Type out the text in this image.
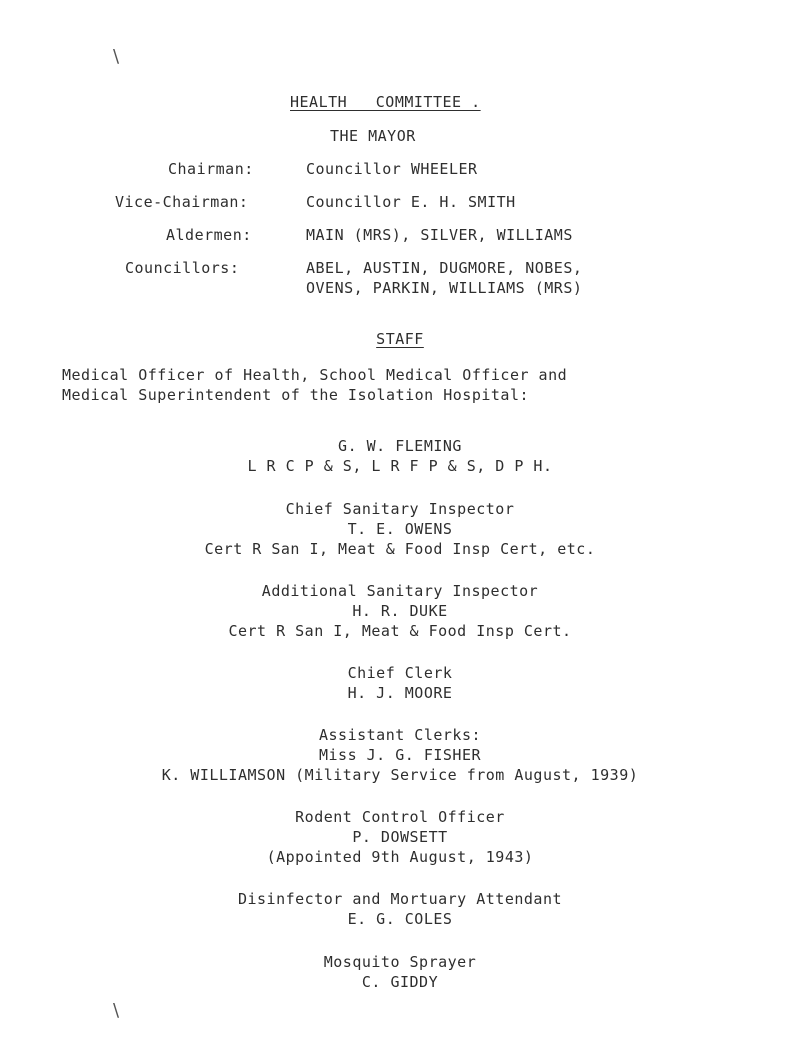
\
\
HEALTH   COMMITTEE .
THE MAYOR
Chairman:	Councillor WHEELER
Vice-Chairman:	Councillor E. H. SMITH
Aldermen:	MAIN (MRS), SILVER, WILLIAMS
Councillors:	ABEL, AUSTIN, DUGMORE, NOBES,
OVENS, PARKIN, WILLIAMS (MRS)
STAFF
Medical Officer of Health, School Medical Officer and
Medical Superintendent of the Isolation Hospital:
G. W. FLEMING
L R C P & S, L R F P & S, D P H.
Chief Sanitary Inspector
T. E. OWENS
Cert R San I, Meat & Food Insp Cert, etc.
Additional Sanitary Inspector
H. R. DUKE
Cert R San I, Meat & Food Insp Cert.
Chief Clerk
H. J. MOORE
Assistant Clerks:
Miss J. G. FISHER
K. WILLIAMSON (Military Service from August, 1939)
Rodent Control Officer
P. DOWSETT
(Appointed 9th August, 1943)
Disinfector and Mortuary Attendant
E. G. COLES
Mosquito Sprayer
C. GIDDY
